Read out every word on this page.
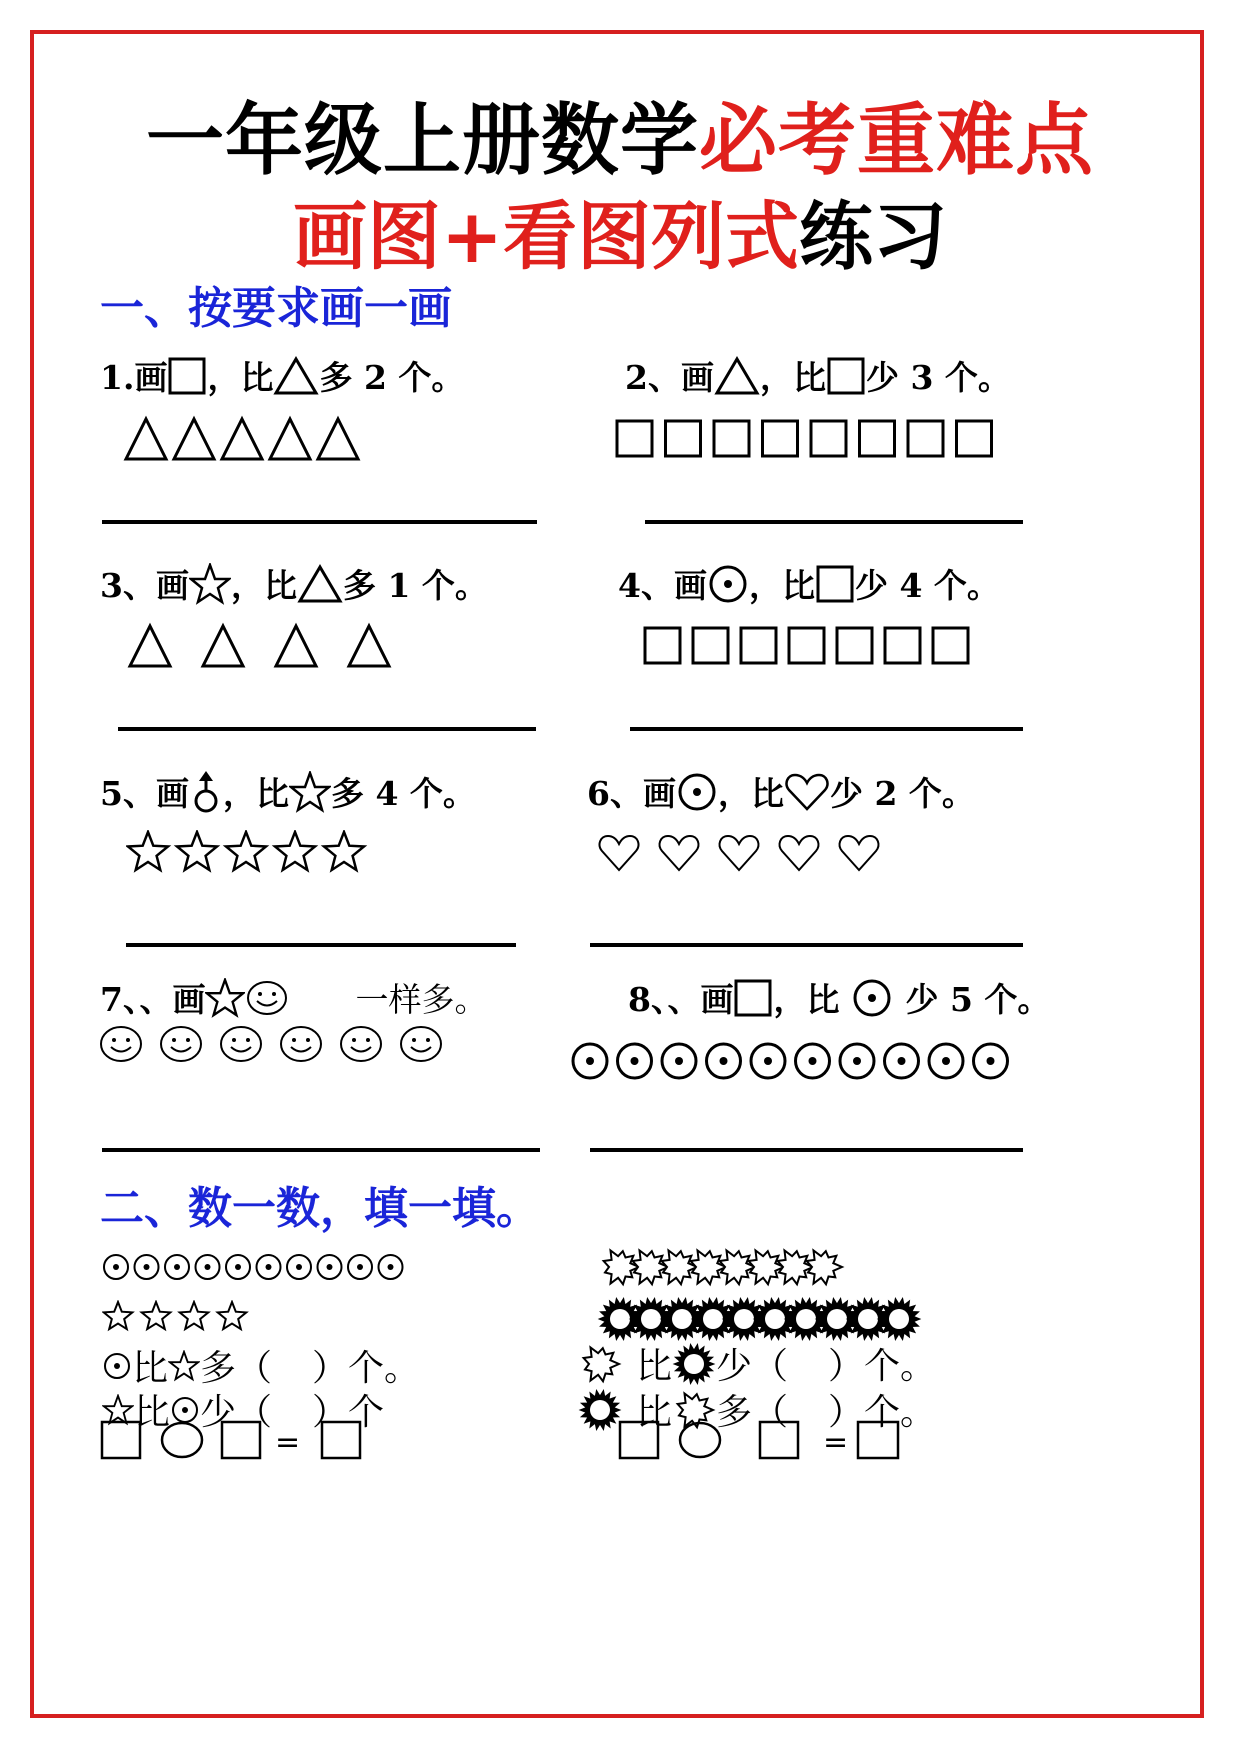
一年级上册数学必考重难点
画图+看图列式练习
一、按要求画一画
1.画 ，比 多 2 个。	2、画 ，比 少 3 个。
3、画 ，比 多 1 个。	4、画 ，比 少 4 个。
5、画 ，比 多 4 个。	6、画 ，比 少 2 个。
7、、画	一样多。	8、、画 ，比 少 5 个。
二、数一数，填一填。
比 多（ ）个。
比 少（ ）个
=
比 少（ ）个。
比 多（ ）个。
=
